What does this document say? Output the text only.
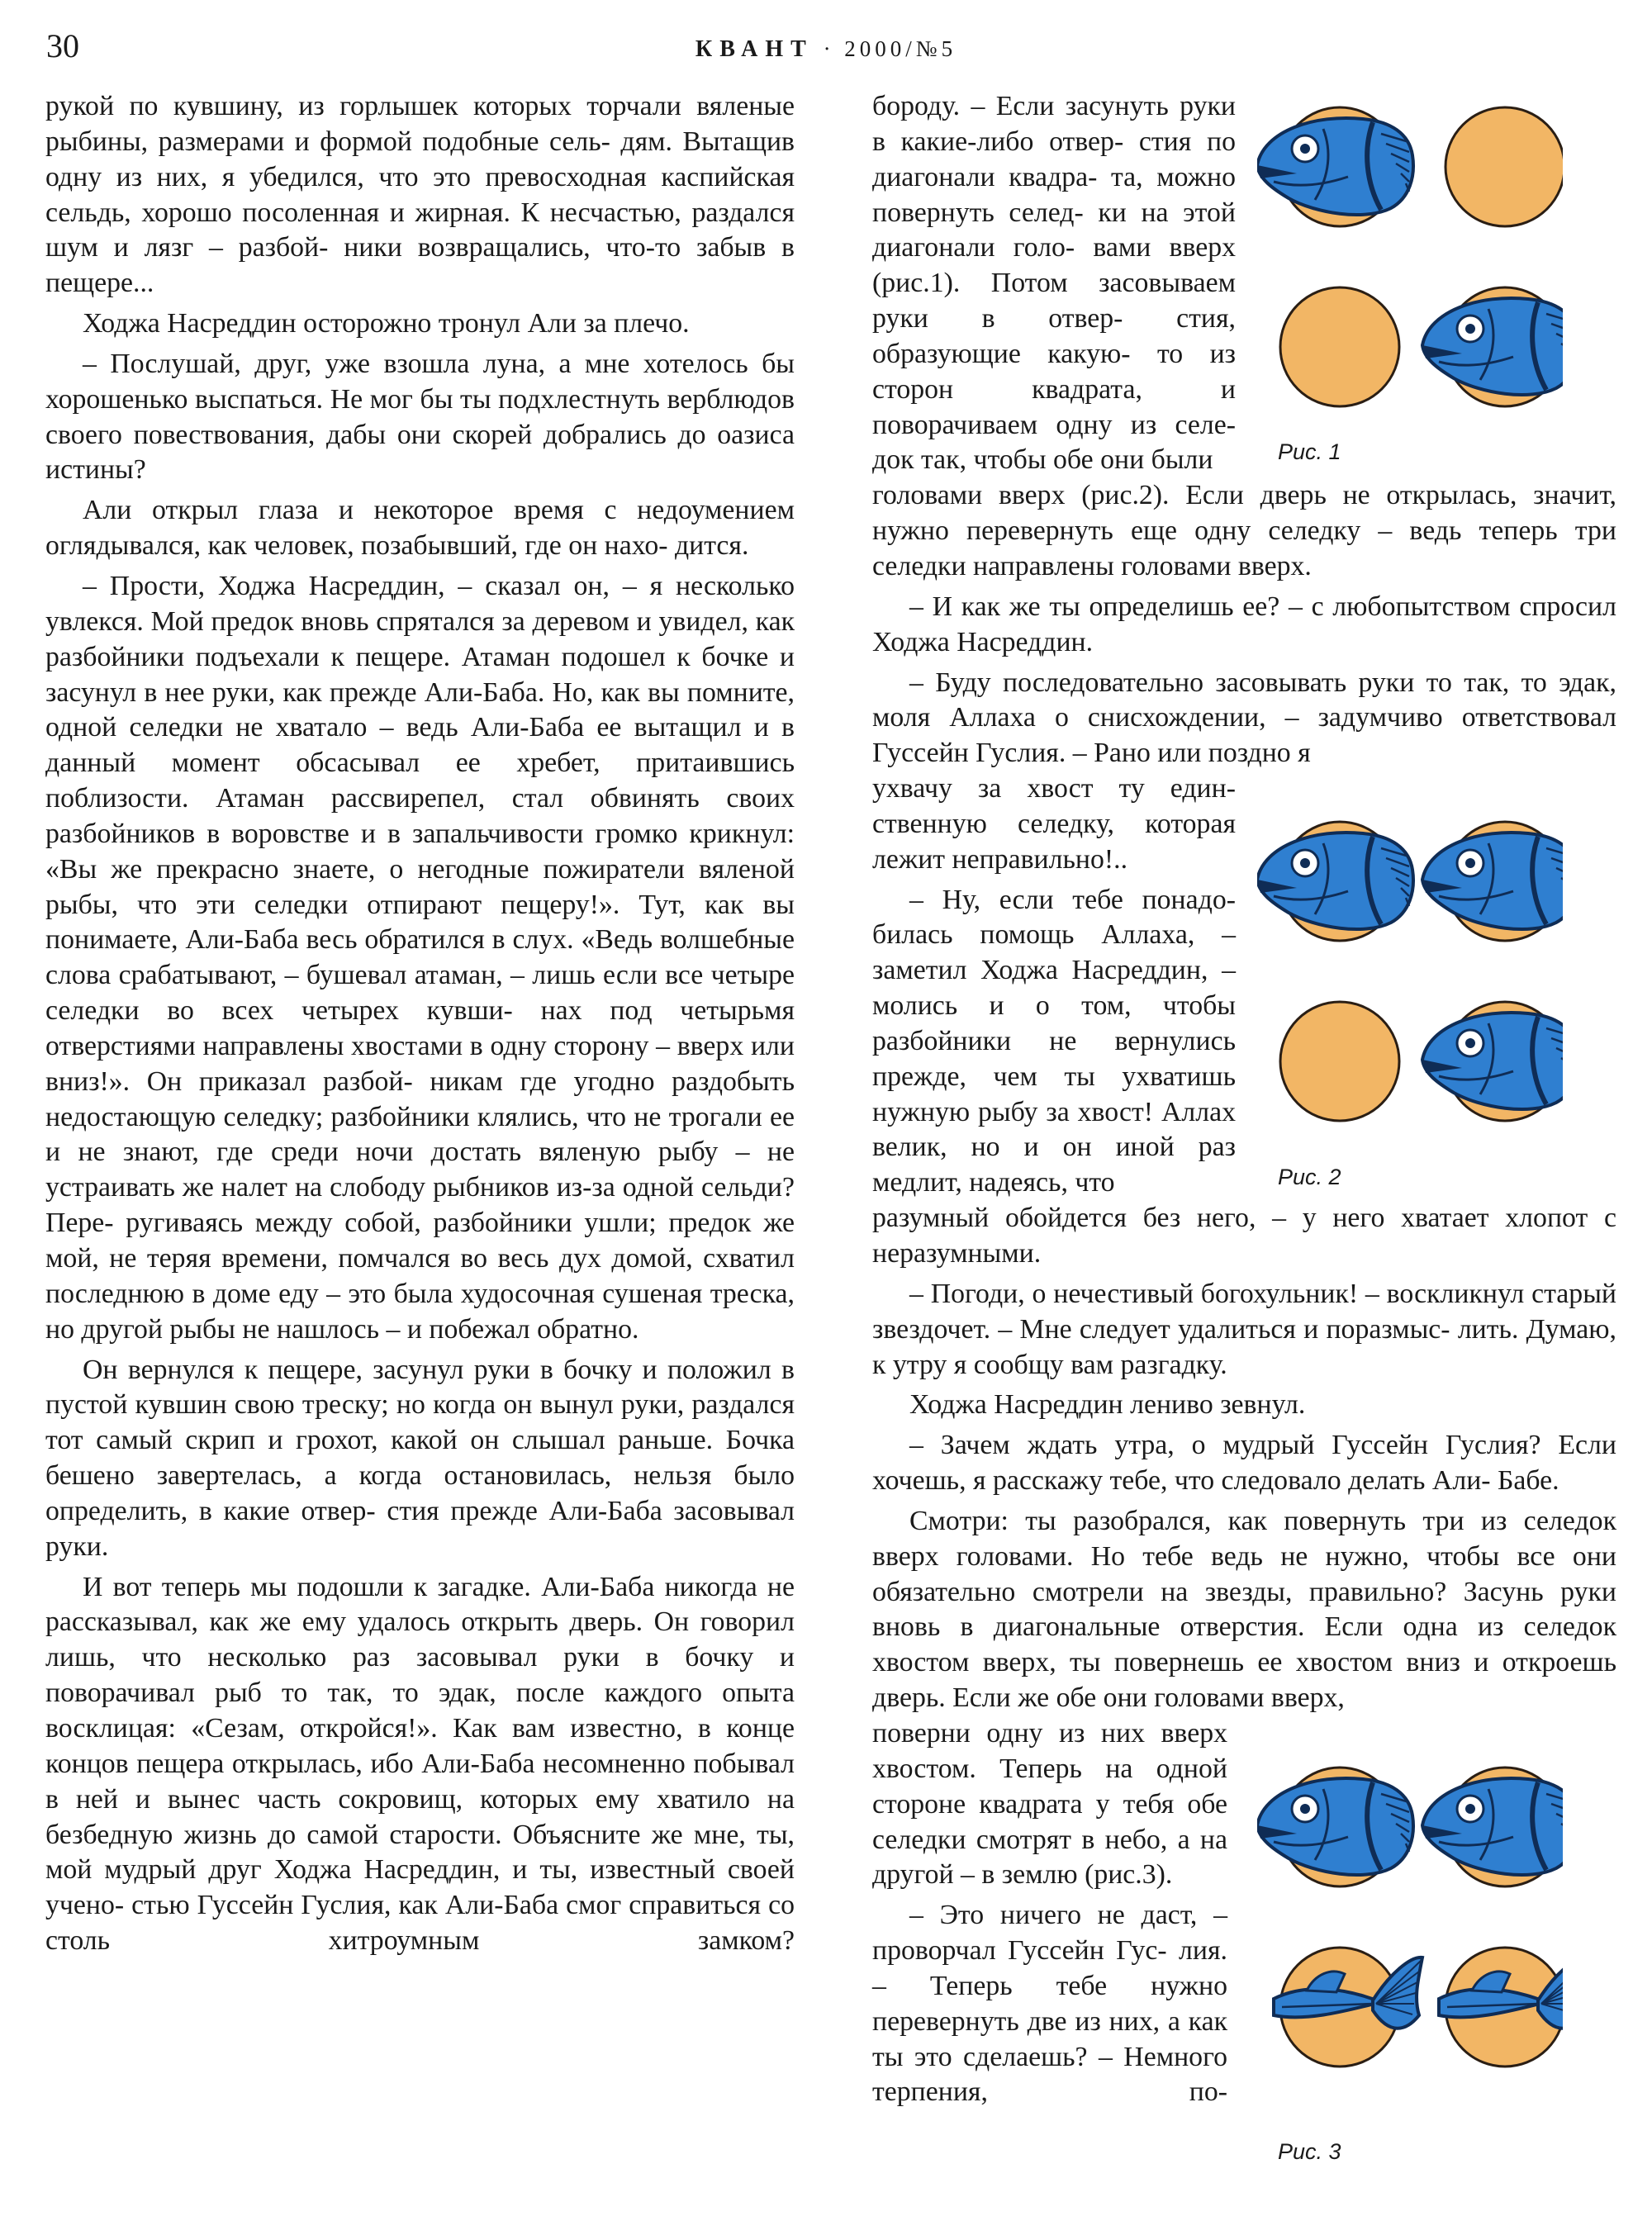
30	КВАНТ · 2000/№5

рукой по кувшину, из горлышек которых торчали вяленые рыбины, размерами и формой подобные сель- дям. Вытащив одну из них, я убедился, что это превосходная каспийская сельдь, хорошо посоленная и жирная. К несчастью, раздался шум и лязг – разбой- ники возвращались, что-то забыв в пещере...

Ходжа Насреддин осторожно тронул Али за плечо.

– Послушай, друг, уже взошла луна, а мне хотелось бы хорошенько выспаться. Не мог бы ты подхлестнуть верблюдов своего повествования, дабы они скорей добрались до оазиса истины?

Али открыл глаза и некоторое время с недоумением оглядывался, как человек, позабывший, где он нахо- дится.

– Прости, Ходжа Насреддин, – сказал он, – я несколько увлекся. Мой предок вновь спрятался за деревом и увидел, как разбойники подъехали к пещере. Атаман подошел к бочке и засунул в нее руки, как прежде Али-Баба. Но, как вы помните, одной селедки не хватало – ведь Али-Баба ее вытащил и в данный момент обсасывал ее хребет, притаившись поблизости. Атаман рассвирепел, стал обвинять своих разбойников в воровстве и в запальчивости громко крикнул: «Вы же прекрасно знаете, о негодные пожиратели вяленой рыбы, что эти селедки отпирают пещеру!». Тут, как вы понимаете, Али-Баба весь обратился в слух. «Ведь волшебные слова срабатывают, – бушевал атаман, – лишь если все четыре селедки во всех четырех кувши- нах под четырьмя отверстиями направлены хвостами в одну сторону – вверх или вниз!». Он приказал разбой- никам где угодно раздобыть недостающую селедку; разбойники клялись, что не трогали ее и не знают, где среди ночи достать вяленую рыбу – не устраивать же налет на слободу рыбников из-за одной сельди? Пере- ругиваясь между собой, разбойники ушли; предок же мой, не теряя времени, помчался во весь дух домой, схватил последнюю в доме еду – это была худосочная сушеная треска, но другой рыбы не нашлось – и побежал обратно.

Он вернулся к пещере, засунул руки в бочку и положил в пустой кувшин свою треску; но когда он вынул руки, раздался тот самый скрип и грохот, какой он слышал раньше. Бочка бешено завертелась, а когда остановилась, нельзя было определить, в какие отвер- стия прежде Али-Баба засовывал руки.

И вот теперь мы подошли к загадке. Али-Баба никогда не рассказывал, как же ему удалось открыть дверь. Он говорил лишь, что несколько раз засовывал руки в бочку и поворачивал рыб то так, то эдак, после каждого опыта восклицая: «Сезам, откройся!». Как вам известно, в конце концов пещера открылась, ибо Али-Баба несомненно побывал в ней и вынес часть сокровищ, которых ему хватило на безбедную жизнь до самой старости. Объясните же мне, ты, мой мудрый друг Ходжа Насреддин, и ты, известный своей учено- стью Гуссейн Гуслия, как Али-Баба смог справиться со столь хитроумным замком?

бороду. – Если засунуть руки в какие-либо отвер- стия по диагонали квадра- та, можно повернуть селед- ки на этой диагонали голо- вами вверх (рис.1). Потом засовываем руки в отвер- стия, образующие какую- то из сторон квадрата, и поворачиваем одну из селе- док так, чтобы обе они были

головами вверх (рис.2). Если дверь не открылась, значит, нужно перевернуть еще одну селедку – ведь теперь три селедки направлены головами вверх.

– И как же ты определишь ее? – с любопытством спросил Ходжа Насреддин.

– Буду последовательно засовывать руки то так, то эдак, моля Аллаха о снисхождении, – задумчиво ответствовал Гуссейн Гуслия. – Рано или поздно я

ухвачу за хвост ту един- ственную селедку, которая лежит неправильно!..

– Ну, если тебе понадо- билась помощь Аллаха, – заметил Ходжа Насреддин, – молись и о том, чтобы разбойники не вернулись прежде, чем ты ухватишь нужную рыбу за хвост! Аллах велик, но и он иной раз медлит, надеясь, что

разумный обойдется без него, – у него хватает хлопот с неразумными.

– Погоди, о нечестивый богохульник! – воскликнул старый звездочет. – Мне следует удалиться и поразмыс- лить. Думаю, к утру я сообщу вам разгадку.

Ходжа Насреддин лениво зевнул.

– Зачем ждать утра, о мудрый Гуссейн Гуслия? Если хочешь, я расскажу тебе, что следовало делать Али- Бабе.

Смотри: ты разобрался, как повернуть три из селедок вверх головами. Но тебе ведь не нужно, чтобы все они обязательно смотрели на звезды, правильно? Засунь руки вновь в диагональные отверстия. Если одна из селедок хвостом вверх, ты повернешь ее хвостом вниз и откроешь дверь. Если же обе они головами вверх,

поверни одну из них вверх хвостом. Теперь на одной стороне квадрата у тебя обе селедки смотрят в небо, а на другой – в землю (рис.3).

– Это ничего не даст, – проворчал Гуссейн Гус- лия. – Теперь тебе нужно перевернуть две из них, а как ты это сделаешь? – Немного терпения, по-

Рис. 1
Рис. 2
Рис. 3
